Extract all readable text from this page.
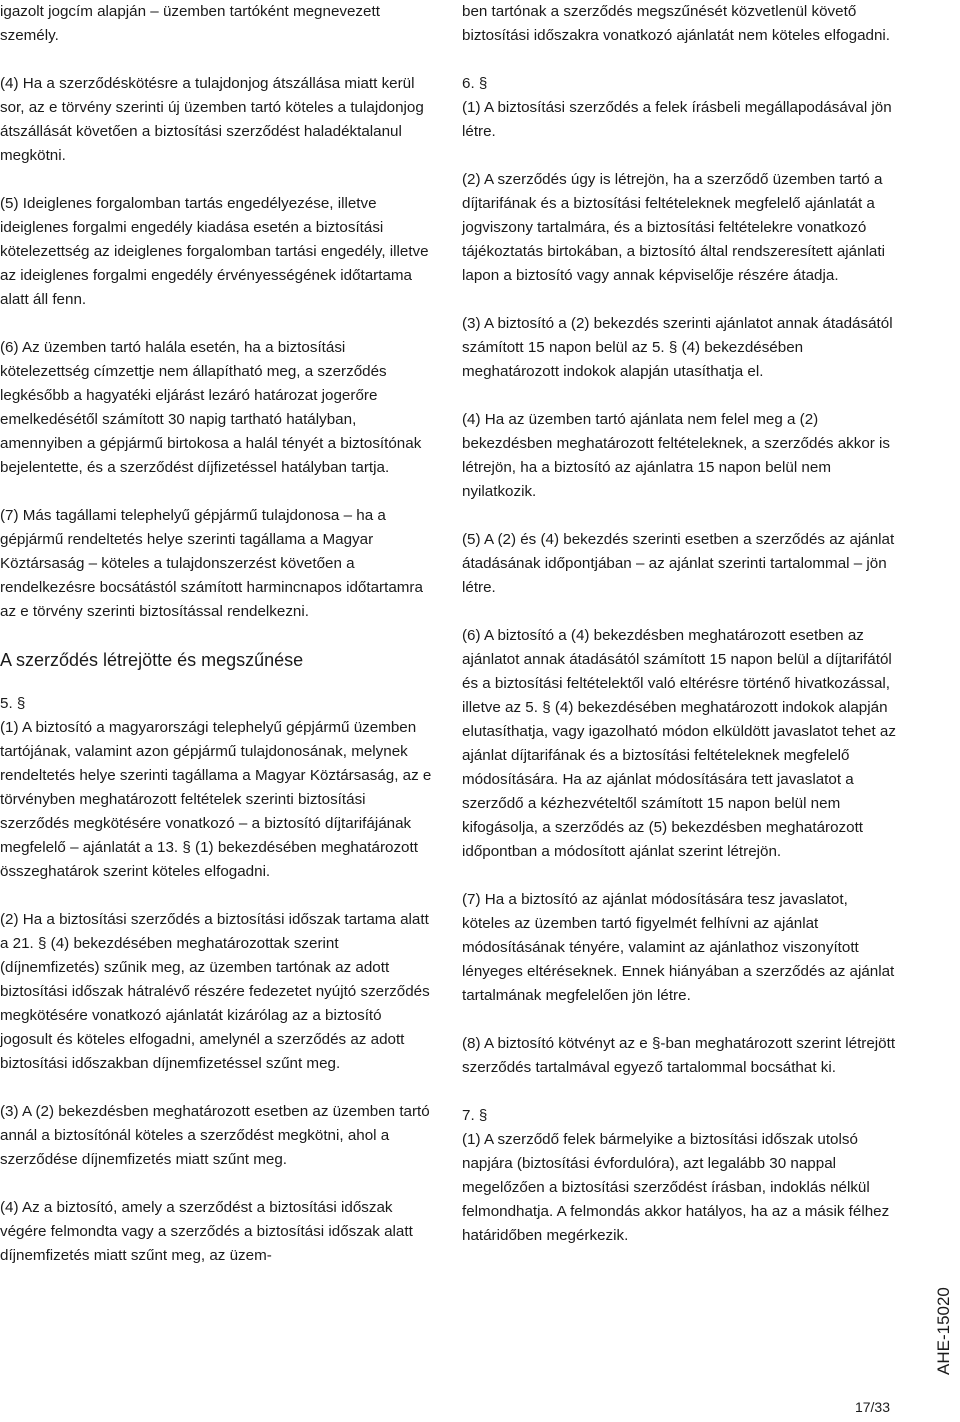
igazolt jogcím alapján – üzemben tartóként megnevezett személy.

(4) Ha a szerződéskötésre a tulajdonjog átszállása miatt kerül sor, az e törvény szerinti új üzemben tartó köteles a tulajdonjog átszállását követően a biztosítási szerződést haladéktalanul megkötni.

(5) Ideiglenes forgalomban tartás engedélyezése, illetve ideiglenes forgalmi engedély kiadása esetén a biztosítási kötelezettség az ideiglenes forgalomban tartási engedély, illetve az ideiglenes forgalmi engedély érvényességének időtartama alatt áll fenn.

(6) Az üzemben tartó halála esetén, ha a biztosítási kötelezettség címzettje nem állapítható meg, a szerződés legkésőbb a hagyatéki eljárást lezáró határozat jogerőre emelkedésétől számított 30 napig tartható hatályban, amennyiben a gépjármű birtokosa a halál tényét a biztosítónak bejelentette, és a szerződést díjfizetéssel hatályban tartja.

(7) Más tagállami telephelyű gépjármű tulajdonosa – ha a gépjármű rendeltetés helye szerinti tagállama a Magyar Köztársaság – köteles a tulajdonszerzést követően a rendelkezésre bocsátástól számított harmincnapos időtartamra az e törvény szerinti biztosítással rendelkezni.

A szerződés létrejötte és megszűnése

5. §
(1) A biztosító a magyarországi telephelyű gépjármű üzemben tartójának, valamint azon gépjármű tulajdonosának, melynek rendeltetés helye szerinti tagállama a Magyar Köztársaság, az e törvényben meghatározott feltételek szerinti biztosítási szerződés megkötésére vonatkozó – a biztosító díjtarifájának megfelelő – ajánlatát a 13. § (1) bekezdésében meghatározott összeghatárok szerint köteles elfogadni.

(2) Ha a biztosítási szerződés a biztosítási időszak tartama alatt a 21. § (4) bekezdésében meghatározottak szerint (díjnemfizetés) szűnik meg, az üzemben tartónak az adott biztosítási időszak hátralévő részére fedezetet nyújtó szerződés megkötésére vonatkozó ajánlatát kizárólag az a biztosító jogosult és köteles elfogadni, amelynél a szerződés az adott biztosítási időszakban díjnemfizetéssel szűnt meg.

(3) A (2) bekezdésben meghatározott esetben az üzemben tartó annál a biztosítónál köteles a szerződést megkötni, ahol a szerződése díjnemfizetés miatt szűnt meg.

(4) Az a biztosító, amely a szerződést a biztosítási időszak végére felmondta vagy a szerződés a biztosítási időszak alatt díjnemfizetés miatt szűnt meg, az üzem-

ben tartónak a szerződés megszűnését közvetlenül követő biztosítási időszakra vonatkozó ajánlatát nem köteles elfogadni.

6. §
(1) A biztosítási szerződés a felek írásbeli megállapodásával jön létre.

(2) A szerződés úgy is létrejön, ha a szerződő üzemben tartó a díjtarifának és a biztosítási feltételeknek megfelelő ajánlatát a jogviszony tartalmára, és a biztosítási feltételekre vonatkozó tájékoztatás birtokában, a biztosító által rendszeresített ajánlati lapon a biztosító vagy annak képviselője részére átadja.

(3) A biztosító a (2) bekezdés szerinti ajánlatot annak átadásától számított 15 napon belül az 5. § (4) bekezdésében meghatározott indokok alapján utasíthatja el.

(4) Ha az üzemben tartó ajánlata nem felel meg a (2) bekezdésben meghatározott feltételeknek, a szerződés akkor is létrejön, ha a biztosító az ajánlatra 15 napon belül nem nyilatkozik.

(5) A (2) és (4) bekezdés szerinti esetben a szerződés az ajánlat átadásának időpontjában – az ajánlat szerinti tartalommal – jön létre.

(6) A biztosító a (4) bekezdésben meghatározott esetben az ajánlatot annak átadásától számított 15 napon belül a díjtarifától és a biztosítási feltételektől való eltérésre történő hivatkozással, illetve az 5. § (4) bekezdésében meghatározott indokok alapján elutasíthatja, vagy igazolható módon elküldött javaslatot tehet az ajánlat díjtarifának és a biztosítási feltételeknek megfelelő módosítására. Ha az ajánlat módosítására tett javaslatot a szerződő a kézhezvételtől számított 15 napon belül nem kifogásolja, a szerződés az (5) bekezdésben meghatározott időpontban a módosított ajánlat szerint létrejön.

(7) Ha a biztosító az ajánlat módosítására tesz javaslatot, köteles az üzemben tartó figyelmét felhívni az ajánlat módosításának tényére, valamint az ajánlathoz viszonyított lényeges eltéréseknek. Ennek hiányában a szerződés az ajánlat tartalmának megfelelően jön létre.

(8) A biztosító kötvényt az e §-ban meghatározott szerint létrejött szerződés tartalmával egyező tartalommal bocsáthat ki.

7. §
(1) A szerződő felek bármelyike a biztosítási időszak utolsó napjára (biztosítási évfordulóra), azt legalább 30 nappal megelőzően a biztosítási szerződést írásban, indoklás nélkül felmondhatja. A felmondás akkor hatályos, ha az a másik félhez határidőben megérkezik.

AHE-15020
17/33
